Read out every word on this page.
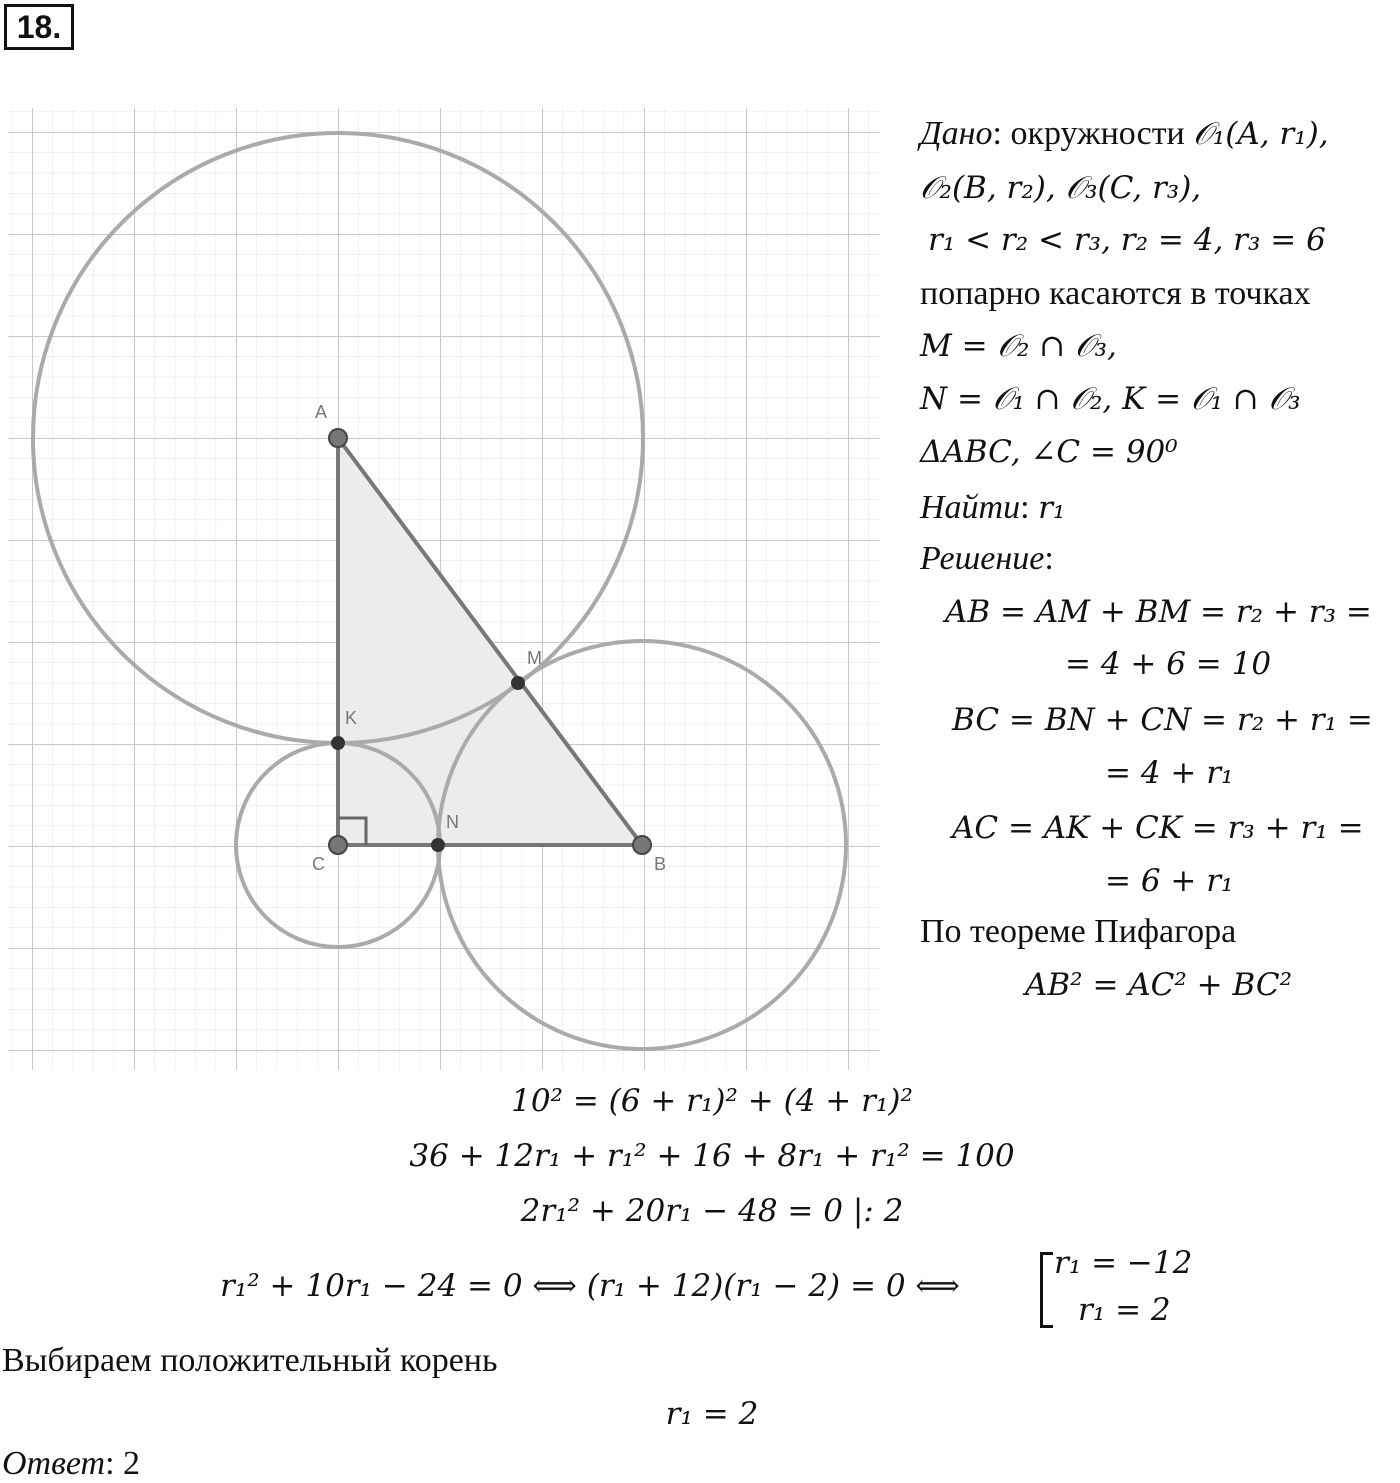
18.
A
B
C
M
N
K
Дано: окружности 𝒪₁(A, r₁),
𝒪₂(B, r₂), 𝒪₃(C, r₃),
r₁ < r₂ < r₃, r₂ = 4, r₃ = 6
попарно касаются в точках
M = 𝒪₂ ∩ 𝒪₃,
N = 𝒪₁ ∩ 𝒪₂, K = 𝒪₁ ∩ 𝒪₃
ΔABC, ∠C = 90⁰
Найти: r₁
Решение:
AB = AM + BM = r₂ + r₃ =
= 4 + 6 = 10
BC = BN + CN = r₂ + r₁ =
= 4 + r₁
AC = AK + CK = r₃ + r₁ =
= 6 + r₁
По теореме Пифагора
AB² = AC² + BC²
10² = (6 + r₁)² + (4 + r₁)²
36 + 12r₁ + r₁² + 16 + 8r₁ + r₁² = 100
2r₁² + 20r₁ − 48 = 0 |: 2
r₁² + 10r₁ − 24 = 0 ⟺ (r₁ + 12)(r₁ − 2) = 0 ⟺
r₁ = −12
r₁ = 2
Выбираем положительный корень
r₁ = 2
Ответ: 2
